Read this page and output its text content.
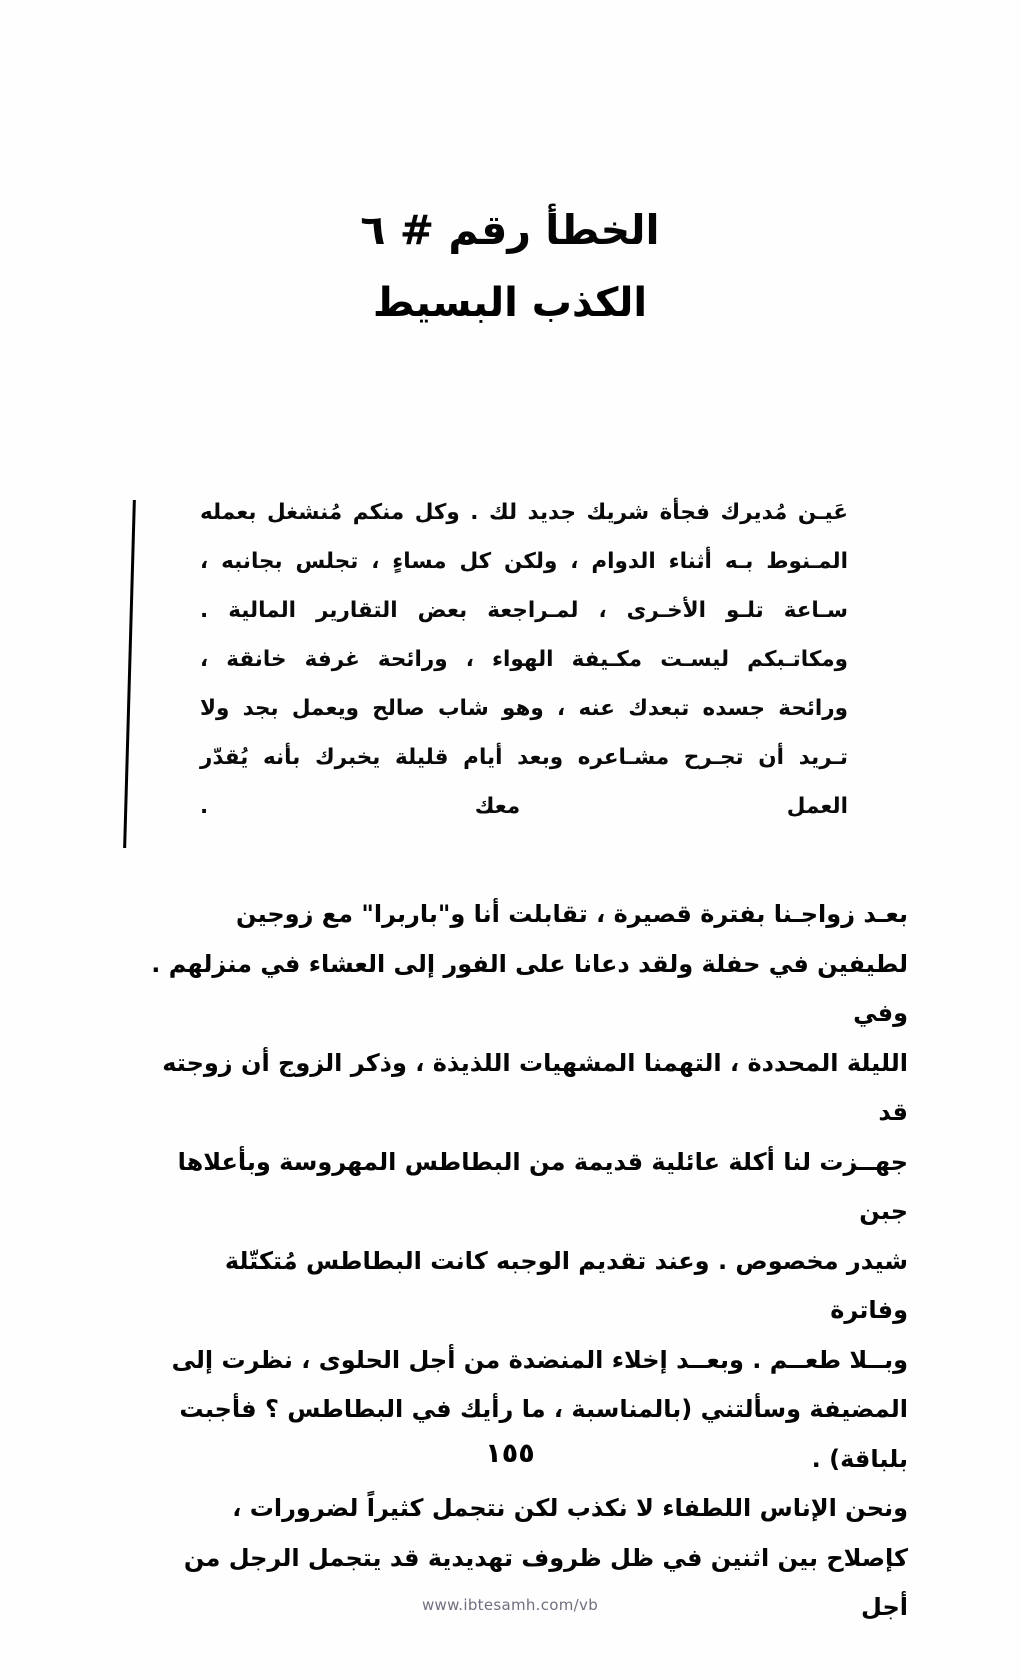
الخطأ رقم # ٦
الكذب البسيط
عَيـن مُديرك فجأة شريك جديد لك . وكل منكم مُنشغل بعمله
المـنوط بـه أثناء الدوام ، ولكن كل مساءٍ ، تجلس بجانبه ،
سـاعة تلـو الأخـرى ، لمـراجعة بعض التقارير المالية .
ومكاتـبكم ليسـت مكـيفة الهواء ، ورائحة غرفة خانقة ،
ورائحة جسده تبعدك عنه ، وهو شاب صالح ويعمل بجد ولا
تـريد أن تجـرح مشـاعره وبعد أيام قليلة يخبرك بأنه يُقدّر
العمل معك .
بعـد زواجـنا بفترة قصيرة ، تقابلت أنا و"باربرا" مع زوجين
لطيفين في حفلة ولقد دعانا على الفور إلى العشاء في منزلهم . وفي
الليلة المحددة ، التهمنا المشهيات اللذيذة ، وذكر الزوج أن زوجته قد
جهــزت لنا أكلة عائلية قديمة من البطاطس المهروسة وبأعلاها جبن
شيدر مخصوص . وعند تقديم الوجبه كانت البطاطس مُتكتّلة وفاترة
وبــلا طعــم . وبعــد إخلاء المنضدة من أجل الحلوى ، نظرت إلى
المضيفة وسألتني (بالمناسبة ، ما رأيك في البطاطس ؟ فأجبت بلباقة) .
ونحن الإناس اللطفاء لا نكذب لكن نتجمل كثيراً لضرورات ،
كإصلاح بين اثنين في ظل ظروف تهديدية قد يتجمل الرجل من أجل
١٥٥
www.ibtesamh.com/vb
